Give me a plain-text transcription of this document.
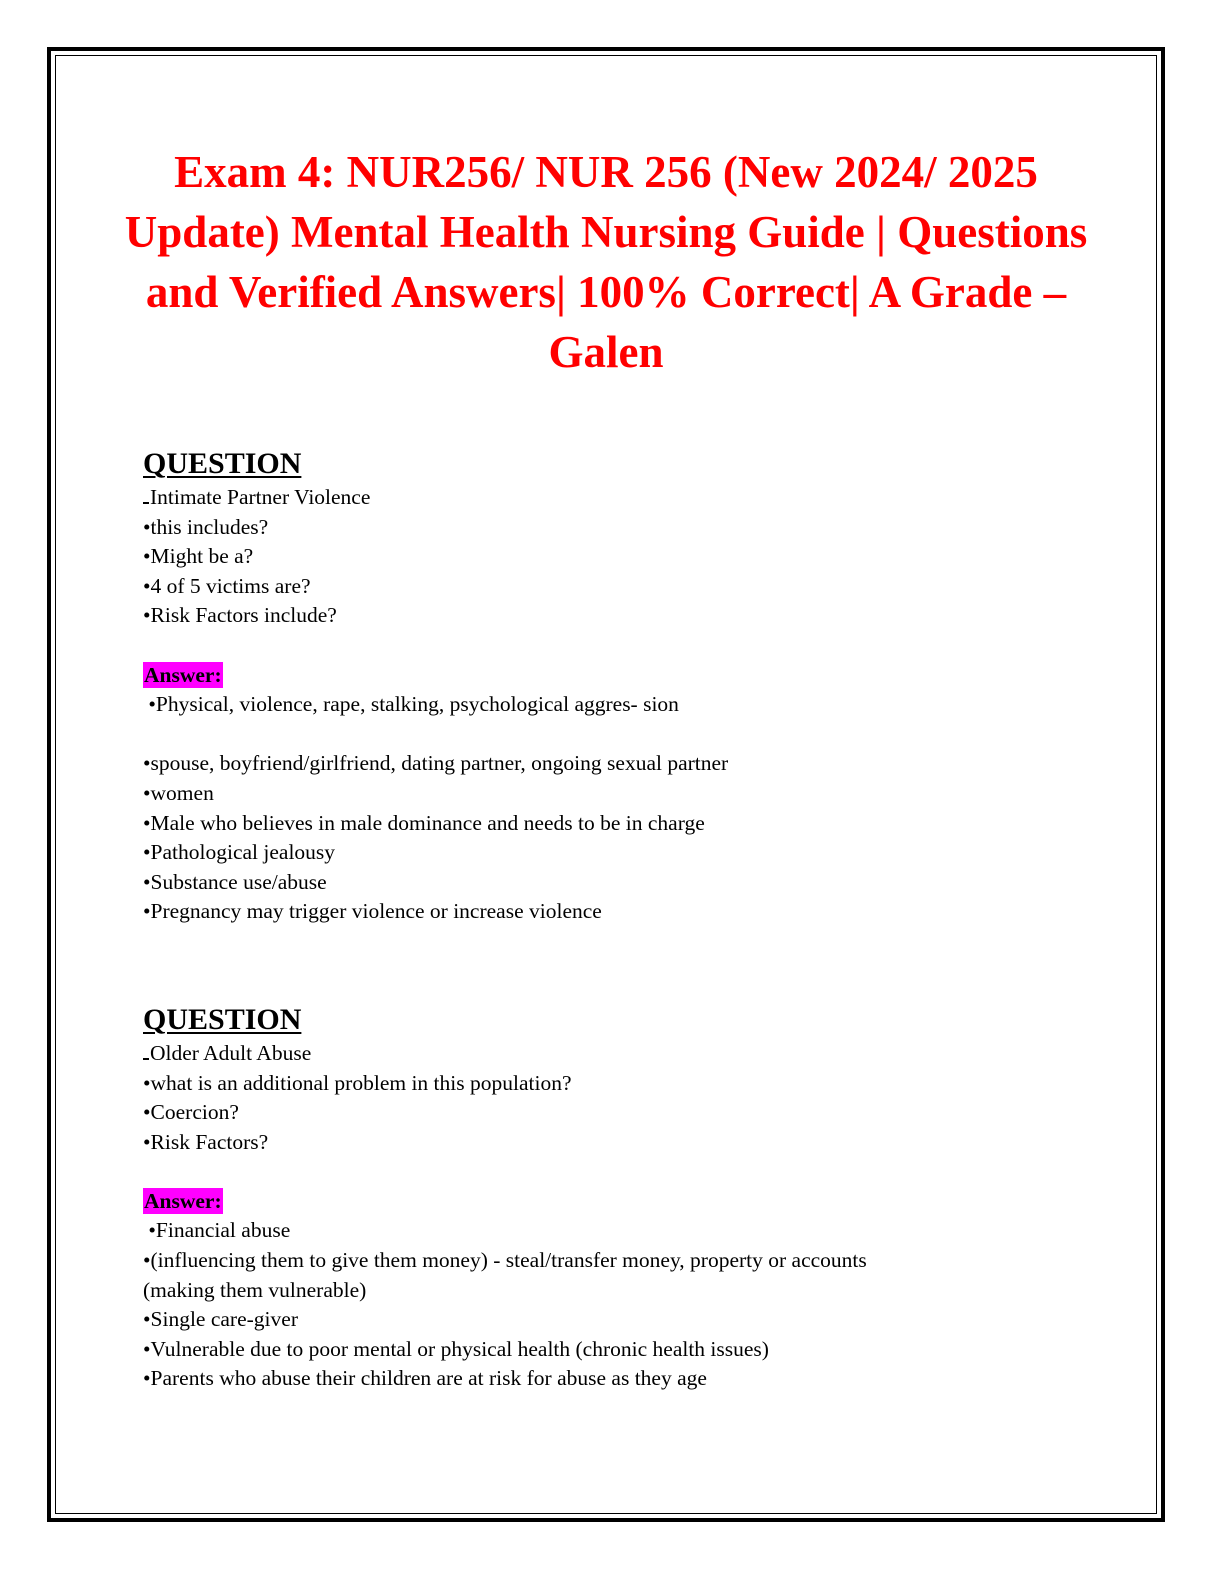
Exam 4: NUR256/ NUR 256 (New 2024/ 2025 Update) Mental Health Nursing Guide | Questions and Verified Answers| 100% Correct| A Grade – Galen

QUESTION

Intimate Partner Violence

•this includes?

•Might be a?

•4 of 5 victims are?

•Risk Factors include?

Answer:

•Physical, violence, rape, stalking, psychological aggres- sion

•spouse, boyfriend/girlfriend, dating partner, ongoing sexual partner

•women

•Male who believes in male dominance and needs to be in charge

•Pathological jealousy

•Substance use/abuse

•Pregnancy may trigger violence or increase violence

QUESTION

Older Adult Abuse

•what is an additional problem in this population?

•Coercion?

•Risk Factors?

Answer:

•Financial abuse

•(influencing them to give them money) - steal/transfer money, property or accounts

(making them vulnerable)

•Single care-giver

•Vulnerable due to poor mental or physical health (chronic health issues)

•Parents who abuse their children are at risk for abuse as they age
